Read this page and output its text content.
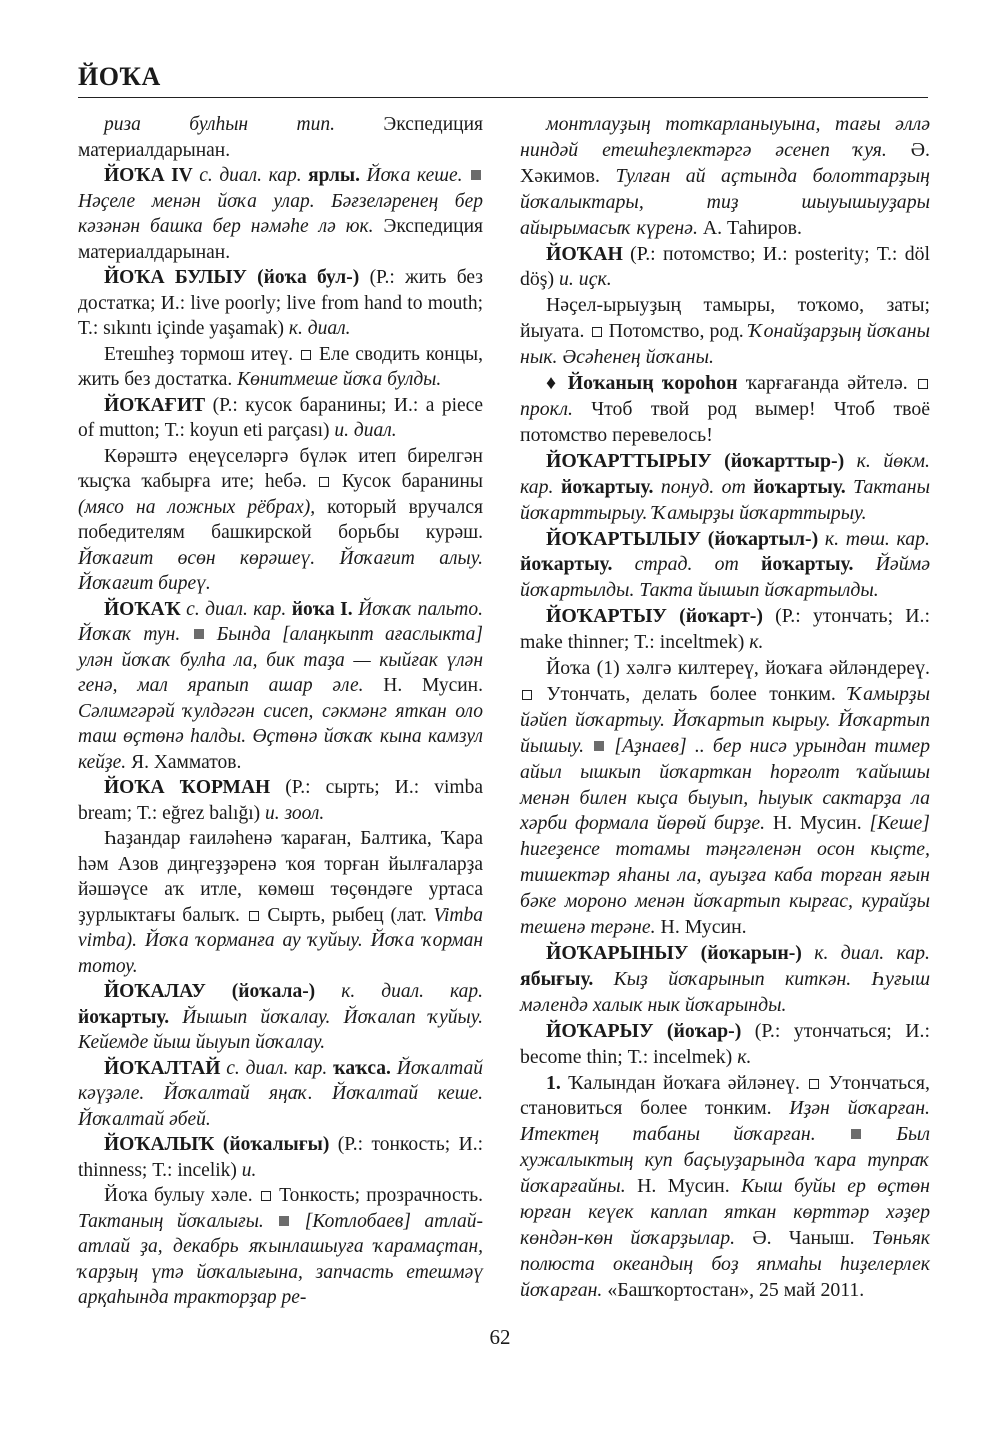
ЙОҠА

риза булһын тип. Экспедиция материалдарынан.

ЙОҠА IV с. диал. кар. ярлы. Йоҡа кеше.  Нәҫеле менән йоҡа улар. Бәғзеләренең бер кәзәнән башка бер нәмәһе лә юк. Экспедиция материалдарынан.

ЙОҠА БУЛЫУ (йоҡа бул-) (Р.: жить без достатка; И.: live poorly; live from hand to mouth; Т.: sıkıntı içinde yaşamak) к. диал.

Етешһеҙ тормош итеү.  Еле сводить концы, жить без достатка. Көнитмеше йоҡа булды.

ЙОҠАҒИТ (Р.: кусок баранины; И.: a piece of mutton; Т.: koyun eti parçası) и. диал.

Көрәштә еңеүселәргә бүләк итеп бирелгән ҡыҫҡа ҡабырға ите; һебә.  Кусок баранины (мясо на ложных рёбрах), который вручался победителям башкирской борьбы курәш. Йоҡағит өсөн көрәшеү. Йоҡағит алыу. Йоҡағит биреү.

ЙОҠАҠ с. диал. кар. йоҡа I. Йоҡаҡ пальто. Йоҡаҡ тун.  Бында [алаңкыпт ағаслыкта] улән йоҡаҡ булһа ла, бик таҙа — кыйғак үлән генә, мал ярапып ашар әле. Н. Мусин. Сәлимгәрәй ҡулдәгән сисеп, сәкмәнг яткан оло таш өҫтөнә һалды. Өҫтөнә йоҡаҡ кына камзул кейҙе. Я. Хамматов.

ЙОҠА ҠОРМАН (Р.: сырть; И.: vimba bream; Т.: eğrez balığı) и. зоол.

Һаҙандар ғаиләһенә ҡараған, Балтика, Ҡара һәм Азов диңгеҙҙәренә ҡоя торған йылғаларҙа йәшәүсе аҡ итле, көмөш төҫөндәге уртаса ҙурлыктағы балыҡ.  Сырть, рыбец (лат. Vimba vimba). Йоҡа ҡорманға ау ҡуйыу. Йоҡа ҡорман тотоу.

ЙОҠАЛАУ (йоҡала-) к. диал. кар. йоҡартыу. Йышып йоҡалау. Йоҡалап ҡуйыу. Кейемде йыш йыуып йоҡалау.

ЙОҠАЛТАЙ с. диал. кар. ҡаҡса. Йоҡалтай кәүҙәле. Йоҡалтай яңаҡ. Йоҡалтай кеше. Йоҡалтай әбей.

ЙОҠАЛЫҠ (йоҡалығы) (Р.: тонкость; И.: thinness; Т.: incelik) и.

Йоҡа булыу хәле.  Тонкость; прозрачность. Тактаның йоҡалығы.  [Котлобаев] атлай-атлай ҙа, декабрь яҡынлашыуға ҡарамаҫтан, ҡарҙың үтә йоҡалығына, запчасть етешмәү арқаһында тракторҙар ре-

монтлауҙың тоткарланыуына, тағы әллә ниндәй етешһеҙлектәргә әсенеп ҡуя. Ә. Хәкимов. Тулған ай аҫтында болоттарҙың йоҡалыктары, тиҙ шыуышыуҙары айырымасыҡ күренә. А. Таһиров.

ЙОҠАН (Р.: потомство; И.: posterity; Т.: döl döş) и. иҫк.

Нәҫел-ырыуҙың тамыры, тоҡомо, заты; йыуата.  Потомство, род. Ҡонайҙарҙың йоҡаны нык. Әсәһенең йоҡаны.

♦ Йоҡаның ҡороһон ҡарғағанда әйтелә.  прокл. Чтоб твой род вымер! Чтоб твоё потомство перевелось!

ЙОҠАРТТЫРЫУ (йоҡарттыр-) к. йөкм. кар. йоҡартыу. понуд. от йоҡартыу. Тактаны йоҡарттырыу. Ҡамырҙы йоҡарттырыу.

ЙОҠАРТЫЛЫУ (йоҡартыл-) к. төш. кар. йоҡартыу. страд. от йоҡартыу. Йәймә йоҡартылды. Такта йышып йоҡартылды.

ЙОҠАРТЫУ (йоҡарт-) (Р.: утончать; И.: make thinner; Т.: inceltmek) к.

Йоҡа (1) хәлгә килтереү, йоҡаға әйләндереү.  Утончать, делать более тонким. Ҡамырҙы йәйеп йоҡартыу. Йоҡартып кырыу. Йоҡартып йышыу.  [Аҙнаев] .. бер нисә урындан тимер айыл ышкып йоҡарткан һорғолт ҡайышы менән билен кыҫа быуып, һыуык сактарҙа ла хәрби формала йөрөй бирҙе. Н. Мусин. [Кеше] һигеҙенсе тотамы тәңгәленән осон кыҫте, тишектәр яһаны ла, ауыҙға каба торған яғын бәке мороно менән йоҡартып кырғас, курайҙы тешенә терәне. Н. Мусин.

ЙОҠАРЫНЫУ (йоҡарын-) к. диал. кар. ябығыу. Кыҙ йоҡарынып киткән. Һуғыш мәлендә халык нык йоҡарынды.

ЙОҠАРЫУ (йоҡар-) (Р.: утончаться; И.: become thin; Т.: incelmek) к.

1. Ҡалындан йоҡаға әйләнеү.  Утончаться, становиться более тонким. Иҙән йоҡарған. Итектең табаны йоҡарған.  Был хужалыктың куп баҫыуҙарында ҡара тупраҡ йоҡарғайны. Н. Мусин. Кыш буйы ер өҫтөн юрған кеүек каплап яткан көрттәр хәҙер көндән-көн йоҡарҙылар. Ә. Чаныш. Төньяк полюста океандың боҙ япмаһы һиҙелерлек йоҡарған. «Башҡортостан», 25 май 2011.

62
